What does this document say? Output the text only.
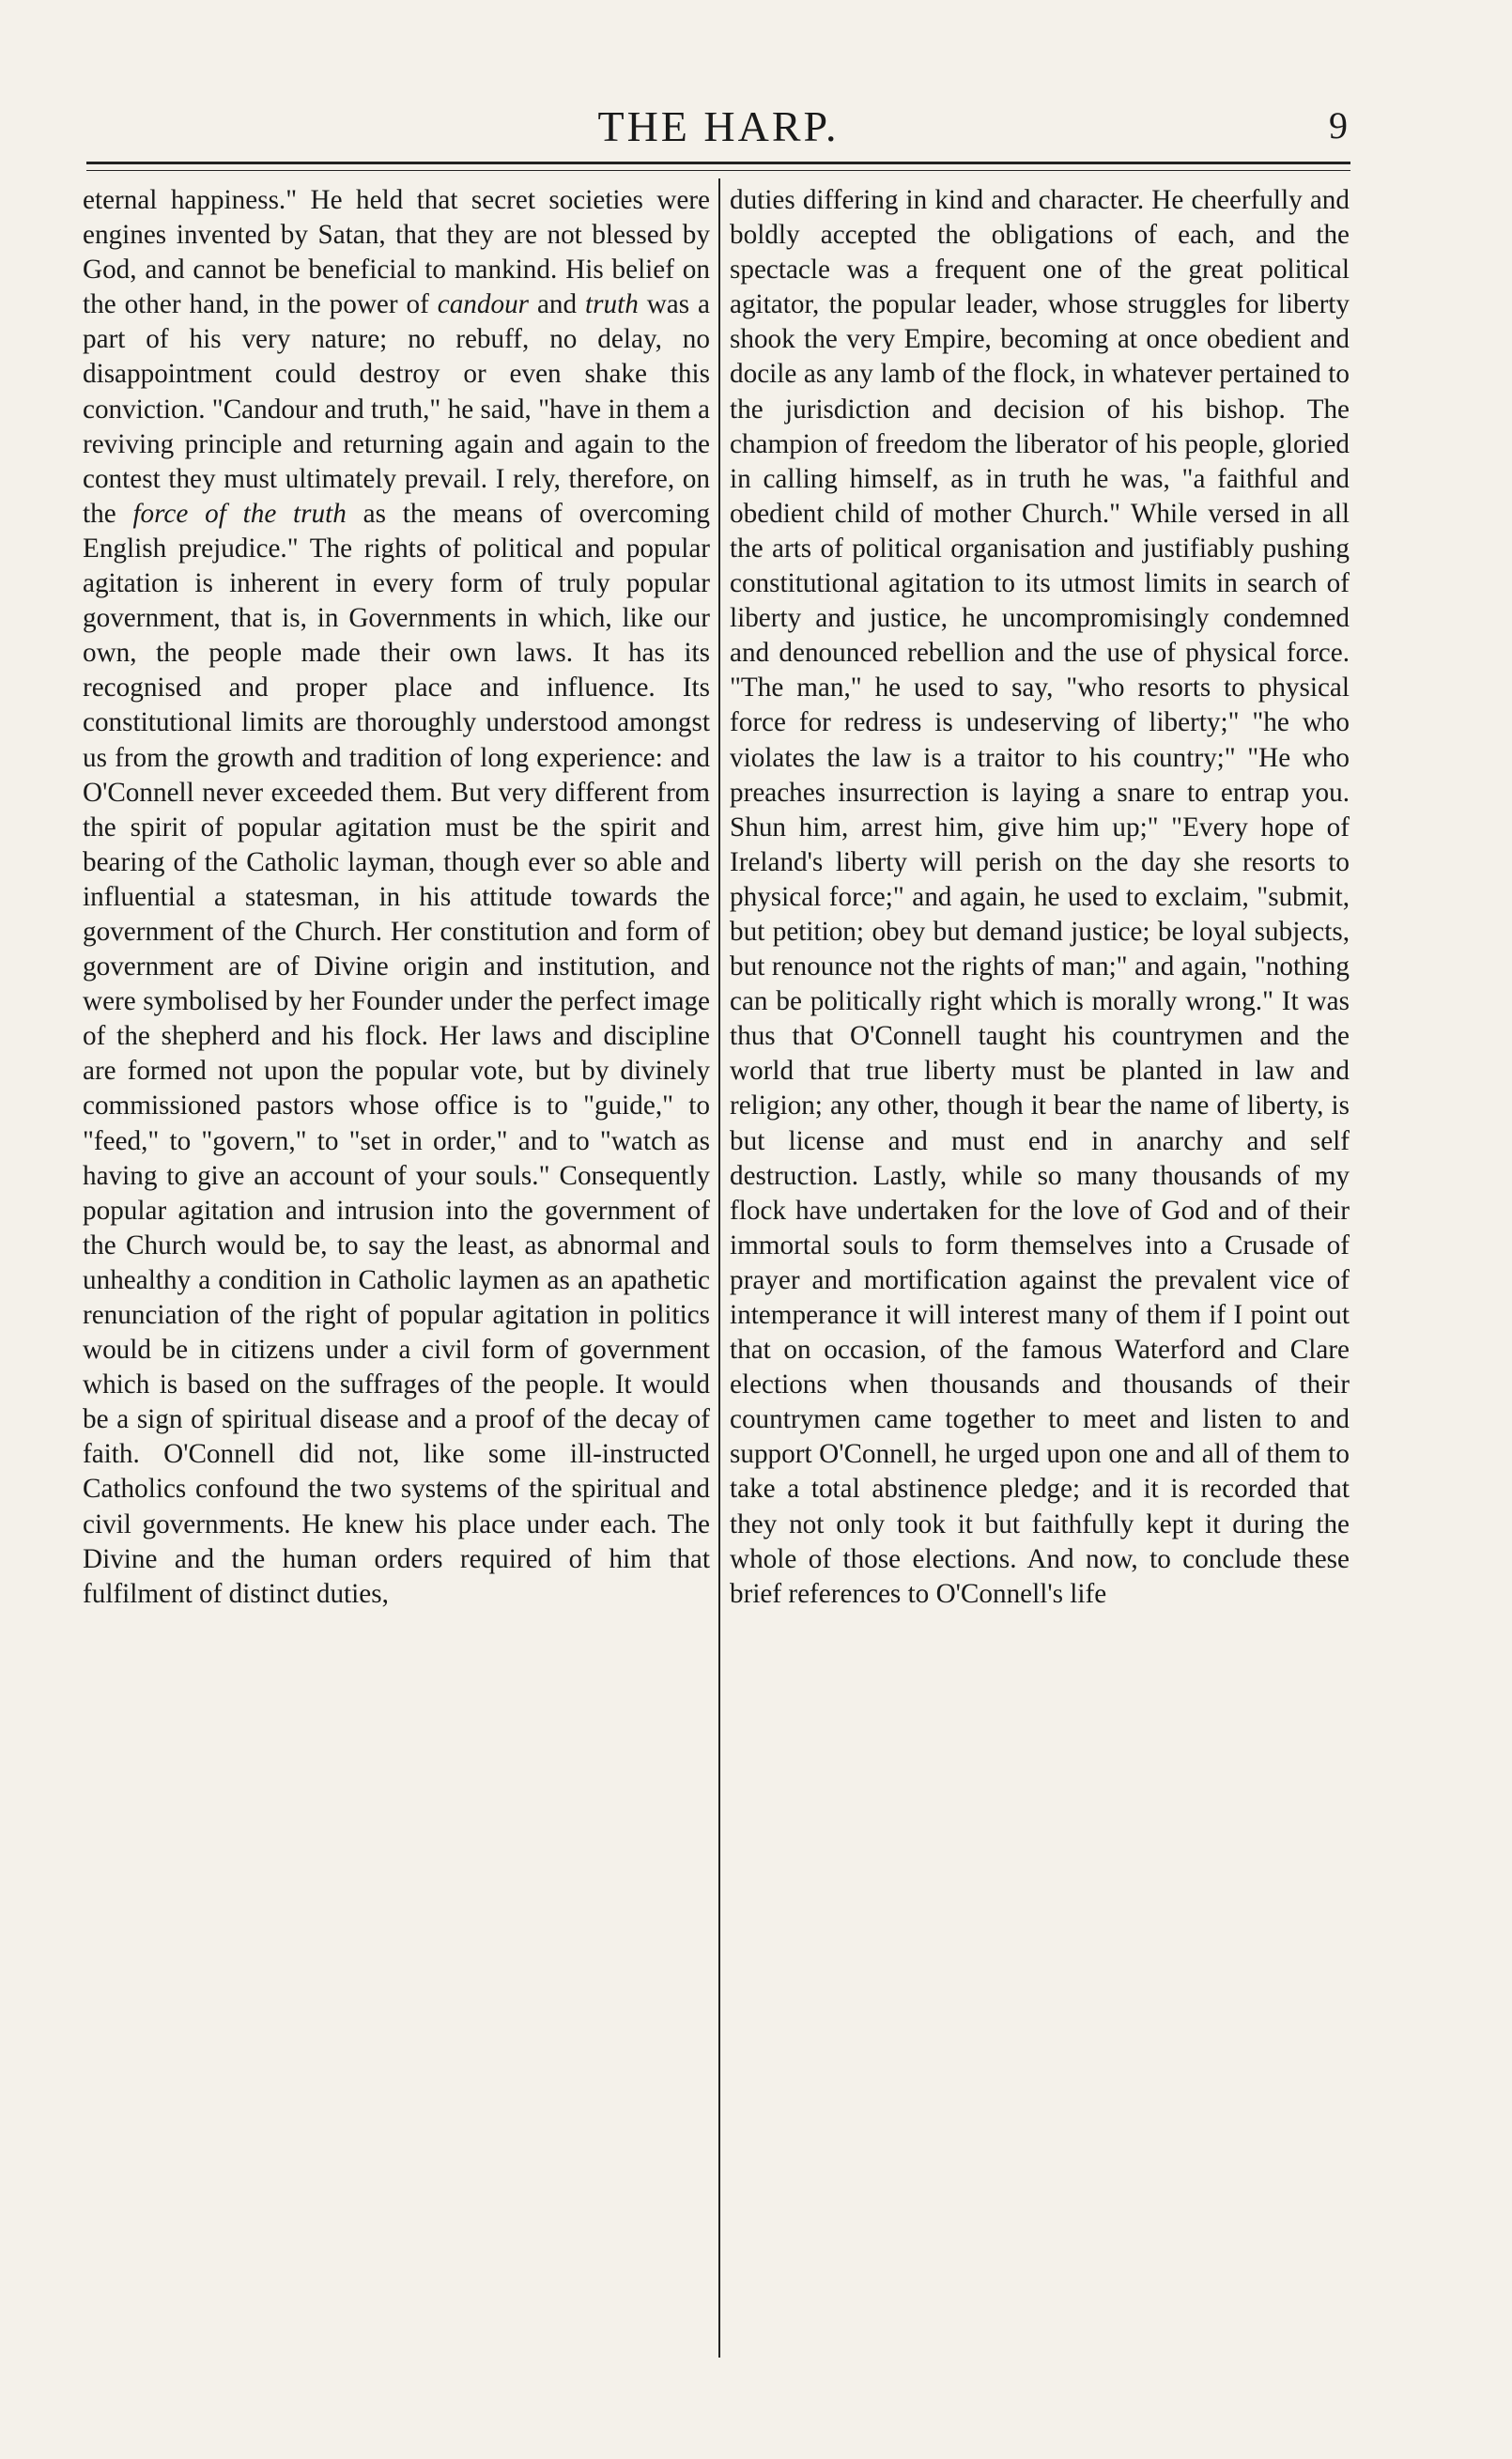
THE HARP.	9

eternal happiness." He held that secret societies were engines invented by Satan, that they are not blessed by God, and cannot be beneficial to mankind. His belief on the other hand, in the power of candour and truth was a part of his very nature; no rebuff, no delay, no disappointment could destroy or even shake this conviction. "Candour and truth," he said, "have in them a reviving principle and returning again and again to the contest they must ultimately prevail. I rely, therefore, on the force of the truth as the means of overcoming English prejudice." The rights of political and popular agitation is inherent in every form of truly popular government, that is, in Governments in which, like our own, the people made their own laws. It has its recognised and proper place and influence. Its constitutional limits are thoroughly understood amongst us from the growth and tradition of long experience: and O'Connell never exceeded them. But very different from the spirit of popular agitation must be the spirit and bearing of the Catholic layman, though ever so able and influential a statesman, in his attitude towards the government of the Church. Her constitution and form of government are of Divine origin and institution, and were symbolised by her Founder under the perfect image of the shepherd and his flock. Her laws and discipline are formed not upon the popular vote, but by divinely commissioned pastors whose office is to "guide," to "feed," to "govern," to "set in order," and to "watch as having to give an account of your souls." Consequently popular agitation and intrusion into the government of the Church would be, to say the least, as abnormal and unhealthy a condition in Catholic laymen as an apathetic renunciation of the right of popular agitation in politics would be in citizens under a civil form of government which is based on the suffrages of the people. It would be a sign of spiritual disease and a proof of the decay of faith. O'Connell did not, like some ill-instructed Catholics confound the two systems of the spiritual and civil governments. He knew his place under each. The Divine and the human orders required of him that fulfilment of distinct duties,

duties differing in kind and character. He cheerfully and boldly accepted the obligations of each, and the spectacle was a frequent one of the great political agitator, the popular leader, whose struggles for liberty shook the very Empire, becoming at once obedient and docile as any lamb of the flock, in whatever pertained to the jurisdiction and decision of his bishop. The champion of freedom the liberator of his people, gloried in calling himself, as in truth he was, "a faithful and obedient child of mother Church." While versed in all the arts of political organisation and justifiably pushing constitutional agitation to its utmost limits in search of liberty and justice, he uncompromisingly condemned and denounced rebellion and the use of physical force. "The man," he used to say, "who resorts to physical force for redress is undeserving of liberty;" "he who violates the law is a traitor to his country;" "He who preaches insurrection is laying a snare to entrap you. Shun him, arrest him, give him up;" "Every hope of Ireland's liberty will perish on the day she resorts to physical force;" and again, he used to exclaim, "submit, but petition; obey but demand justice; be loyal subjects, but renounce not the rights of man;" and again, "nothing can be politically right which is morally wrong." It was thus that O'Connell taught his countrymen and the world that true liberty must be planted in law and religion; any other, though it bear the name of liberty, is but license and must end in anarchy and self destruction. Lastly, while so many thousands of my flock have undertaken for the love of God and of their immortal souls to form themselves into a Crusade of prayer and mortification against the prevalent vice of intemperance it will interest many of them if I point out that on occasion, of the famous Waterford and Clare elections when thousands and thousands of their countrymen came together to meet and listen to and support O'Connell, he urged upon one and all of them to take a total abstinence pledge; and it is recorded that they not only took it but faithfully kept it during the whole of those elections. And now, to conclude these brief references to O'Connell's life
